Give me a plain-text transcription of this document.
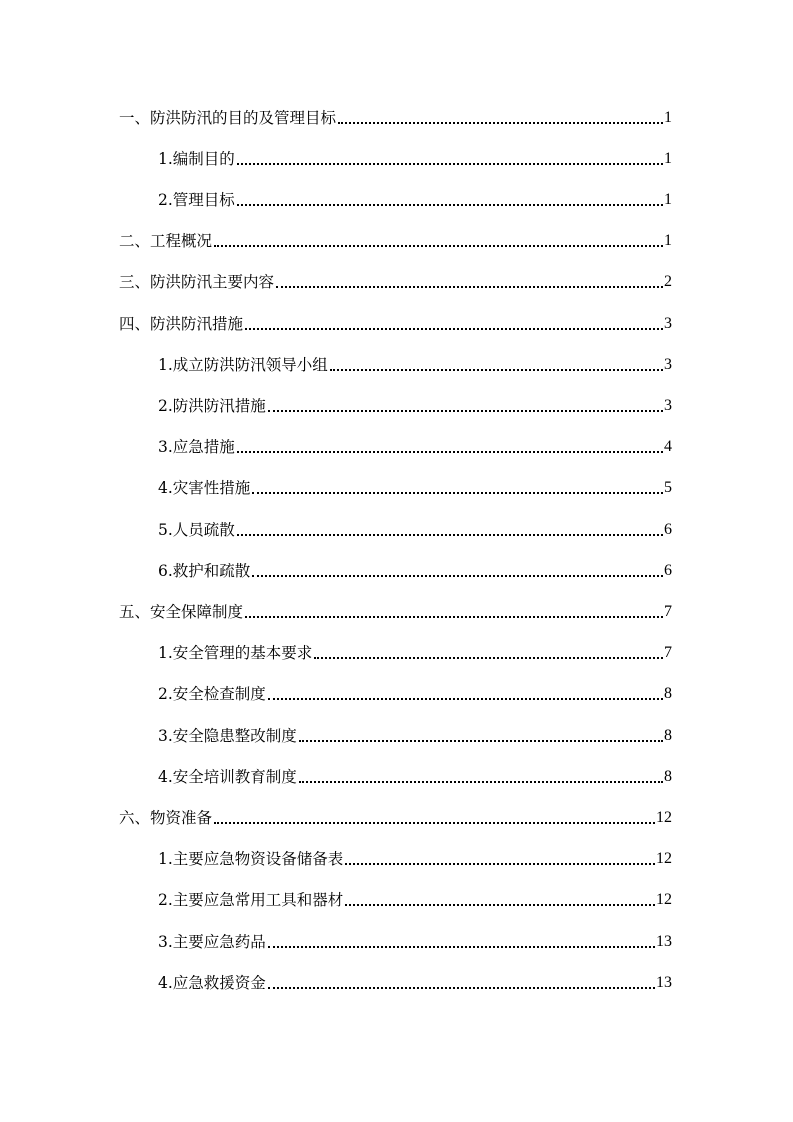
一、防洪防汛的目的及管理目标	1
1.编制目的	1
2.管理目标	1
二、工程概况	1
三、防洪防汛主要内容	2
四、防洪防汛措施	3
1.成立防洪防汛领导小组	3
2.防洪防汛措施	3
3.应急措施	4
4.灾害性措施	5
5.人员疏散	6
6.救护和疏散	6
五、安全保障制度	7
1.安全管理的基本要求	7
2.安全检查制度	8
3.安全隐患整改制度	8
4.安全培训教育制度	8
六、物资准备	12
1.主要应急物资设备储备表	12
2.主要应急常用工具和器材	12
3.主要应急药品	13
4.应急救援资金	13
